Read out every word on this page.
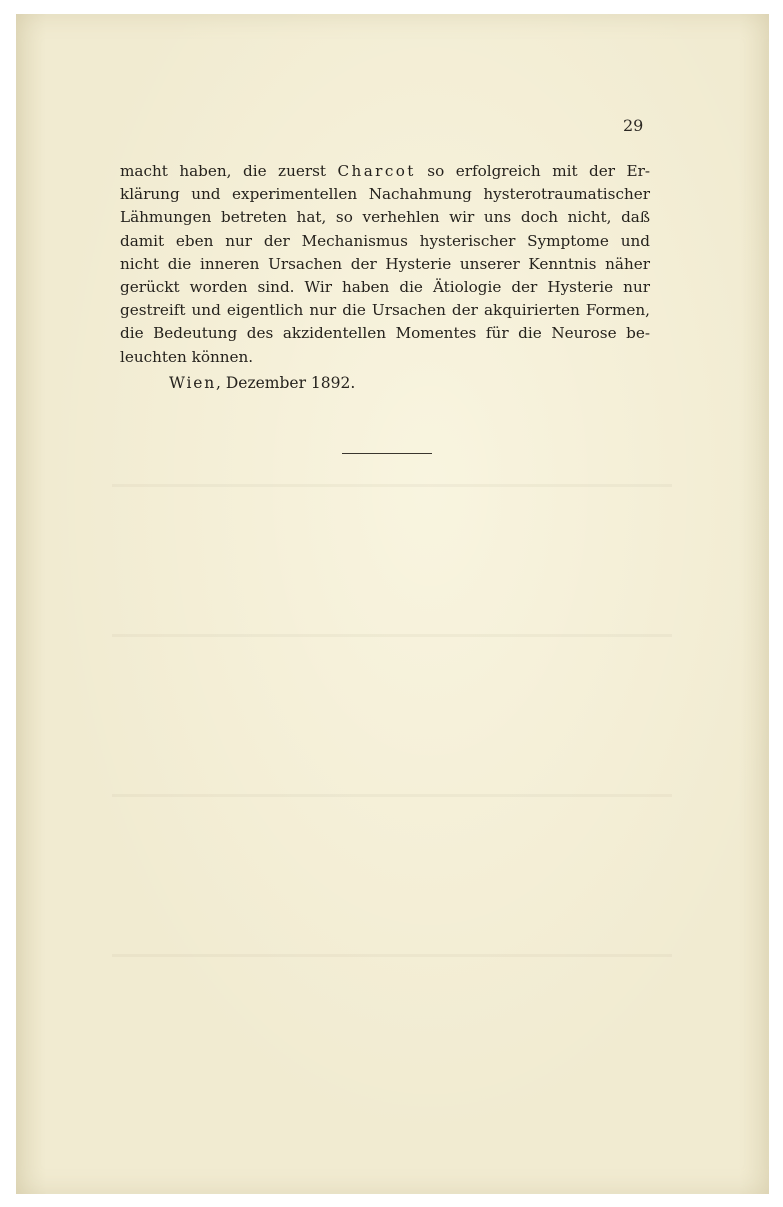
29
macht haben, die zuerst Charcot so erfolgreich mit der Er-
klärung und experimentellen Nachahmung hysterotraumatischer
Lähmungen betreten hat, so verhehlen wir uns doch nicht, daß
damit eben nur der Mechanismus hysterischer Symptome und
nicht die inneren Ursachen der Hysterie unserer Kenntnis näher
gerückt worden sind. Wir haben die Ätiologie der Hysterie nur
gestreift und eigentlich nur die Ursachen der akquirierten Formen,
die Bedeutung des akzidentellen Momentes für die Neurose be-
leuchten können.
Wien, Dezember 1892.
